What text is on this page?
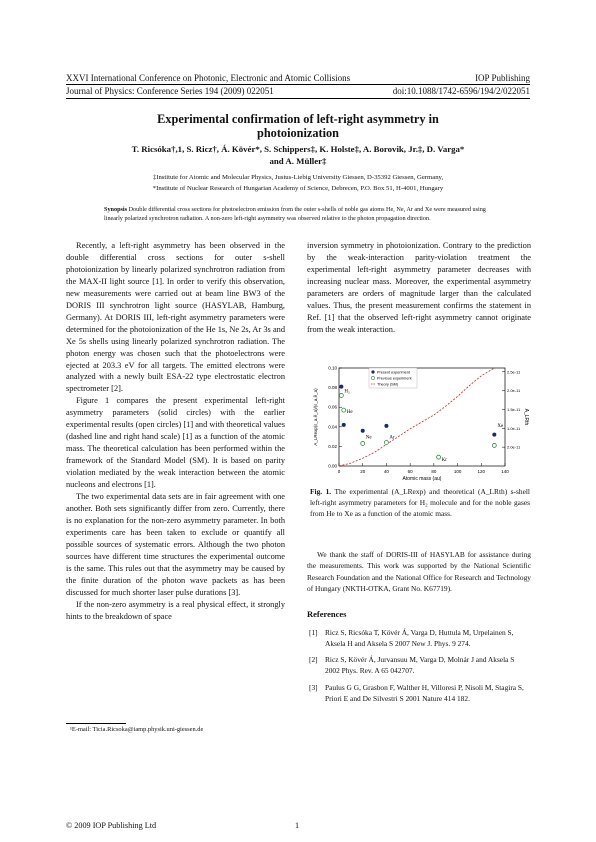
XXVI International Conference on Photonic, Electronic and Atomic Collisions	IOP Publishing
Journal of Physics: Conference Series 194 (2009) 022051	doi:10.1088/1742-6596/194/2/022051
Experimental confirmation of left-right asymmetry in
photoionization
T. Ricsóka†,1, S. Ricz†, Á. Kövér*, S. Schippers‡, K. Holste‡, A. Borovik, Jr.‡, D. Varga*
and A. Müller‡
‡Institute for Atomic and Molecular Physics, Justus-Liebig University Giessen, D-35392 Giessen, Germany,
*Institute of Nuclear Research of Hungarian Academy of Science, Debrecen, P.O. Box 51, H-4001, Hungary
Synopsis Double differential cross sections for photoelectron emission from the outer s-shells of noble gas atoms He, Ne, Ar and Xe were measured using linearly polarized synchrotron radiation. A non-zero left-right asymmetry was observed relative to the photon propagation direction.

Recently, a left-right asymmetry has been observed in the double differential cross sections for outer s-shell photoionization by linearly polarized synchrotron radiation from the MAX-II light source [1]. In order to verify this observation, new measurements were carried out at beam line BW3 of the DORIS III synchrotron light source (HASYLAB, Hamburg, Germany). At DORIS III, left-right asymmetry parameters were determined for the photoionization of the He 1s, Ne 2s, Ar 3s and Xe 5s shells using linearly polarized synchrotron radiation. The photon energy was chosen such that the photoelectrons were ejected at 203.3 eV for all targets. The emitted electrons were analyzed with a newly built ESA-22 type electrostatic electron spectrometer [2].

Figure 1 compares the present experimental left-right asymmetry parameters (solid circles) with the earlier experimental results (open circles) [1] and with theoretical values (dashed line and right hand scale) [1] as a function of the atomic mass. The theoretical calculation has been performed within the framework of the Standard Model (SM). It is based on parity violation mediated by the weak interaction between the atomic nucleons and electrons [1].

The two experimental data sets are in fair agreement with one another. Both sets significantly differ from zero. Currently, there is no explanation for the non-zero asymmetry parameter. In both experiments care has been taken to exclude or quantify all possible sources of systematic errors. Although the two photon sources have different time structures the experimental outcome is the same. This rules out that the asymmetry may be caused by the finite duration of the photon wave packets as has been discussed for much shorter laser pulse durations [3].

If the non-zero asymmetry is a real physical effect, it strongly hints to the breakdown of space

¹E-mail: Ticia.Ricsoka@iamp.physik.uni-giessen.de

inversion symmetry in photoionization. Contrary to the prediction by the weak-interaction parity-violation treatment the experimental left-right asymmetry parameter decreases with increasing nuclear mass. Moreover, the experimental asymmetry parameters are orders of magnitude larger than the calculated values. Thus, the present measurement confirms the statement in Ref. [1] that the observed left-right asymmetry cannot originate from the weak interaction.

0	20	40	60	80	100	120	140
0.00
0.02
0.04
0.06
0.08
0.10
2.0e-11
1.0e-11
1.5e-11
2.0e-11
2.5e-11
Atomic mass (au)
A_LRexp(ε_a,θ_a)/(ε_a,θ_a)	A_LRth
H₂
He
Ne	Ar
Kr
Xe
Present experiment
Previous experiment
Theory (SM)
Fig. 1. The experimental (A_LRexp) and theoretical (A_LRth) s-shell left-right asymmetry parameters for H₂ molecule and for the noble gases from He to Xe as a function of the atomic mass.
We thank the staff of DORIS-III of HASYLAB for assistance during the measurements. This work was supported by the National Scientific Research Foundation and the National Office for Research and Technology of Hungary (NKTH-OTKA, Grant No. K67719).
References
[1] Ricz S, Ricsóka T, Kövér Á, Varga D, Huttula M, Urpelainen S, Aksela H and Aksela S 2007 New J. Phys. 9 274.
[2] Ricz S, Kövér Á, Jurvansuu M, Varga D, Molnár J and Aksela S 2002 Phys. Rev. A 65 042707.
[3] Paulus G G, Grasbon F, Walther H, Villoresi P, Nisoli M, Stagira S, Priori E and De Silvestri S 2001 Nature 414 182.
© 2009 IOP Publishing Ltd	1
